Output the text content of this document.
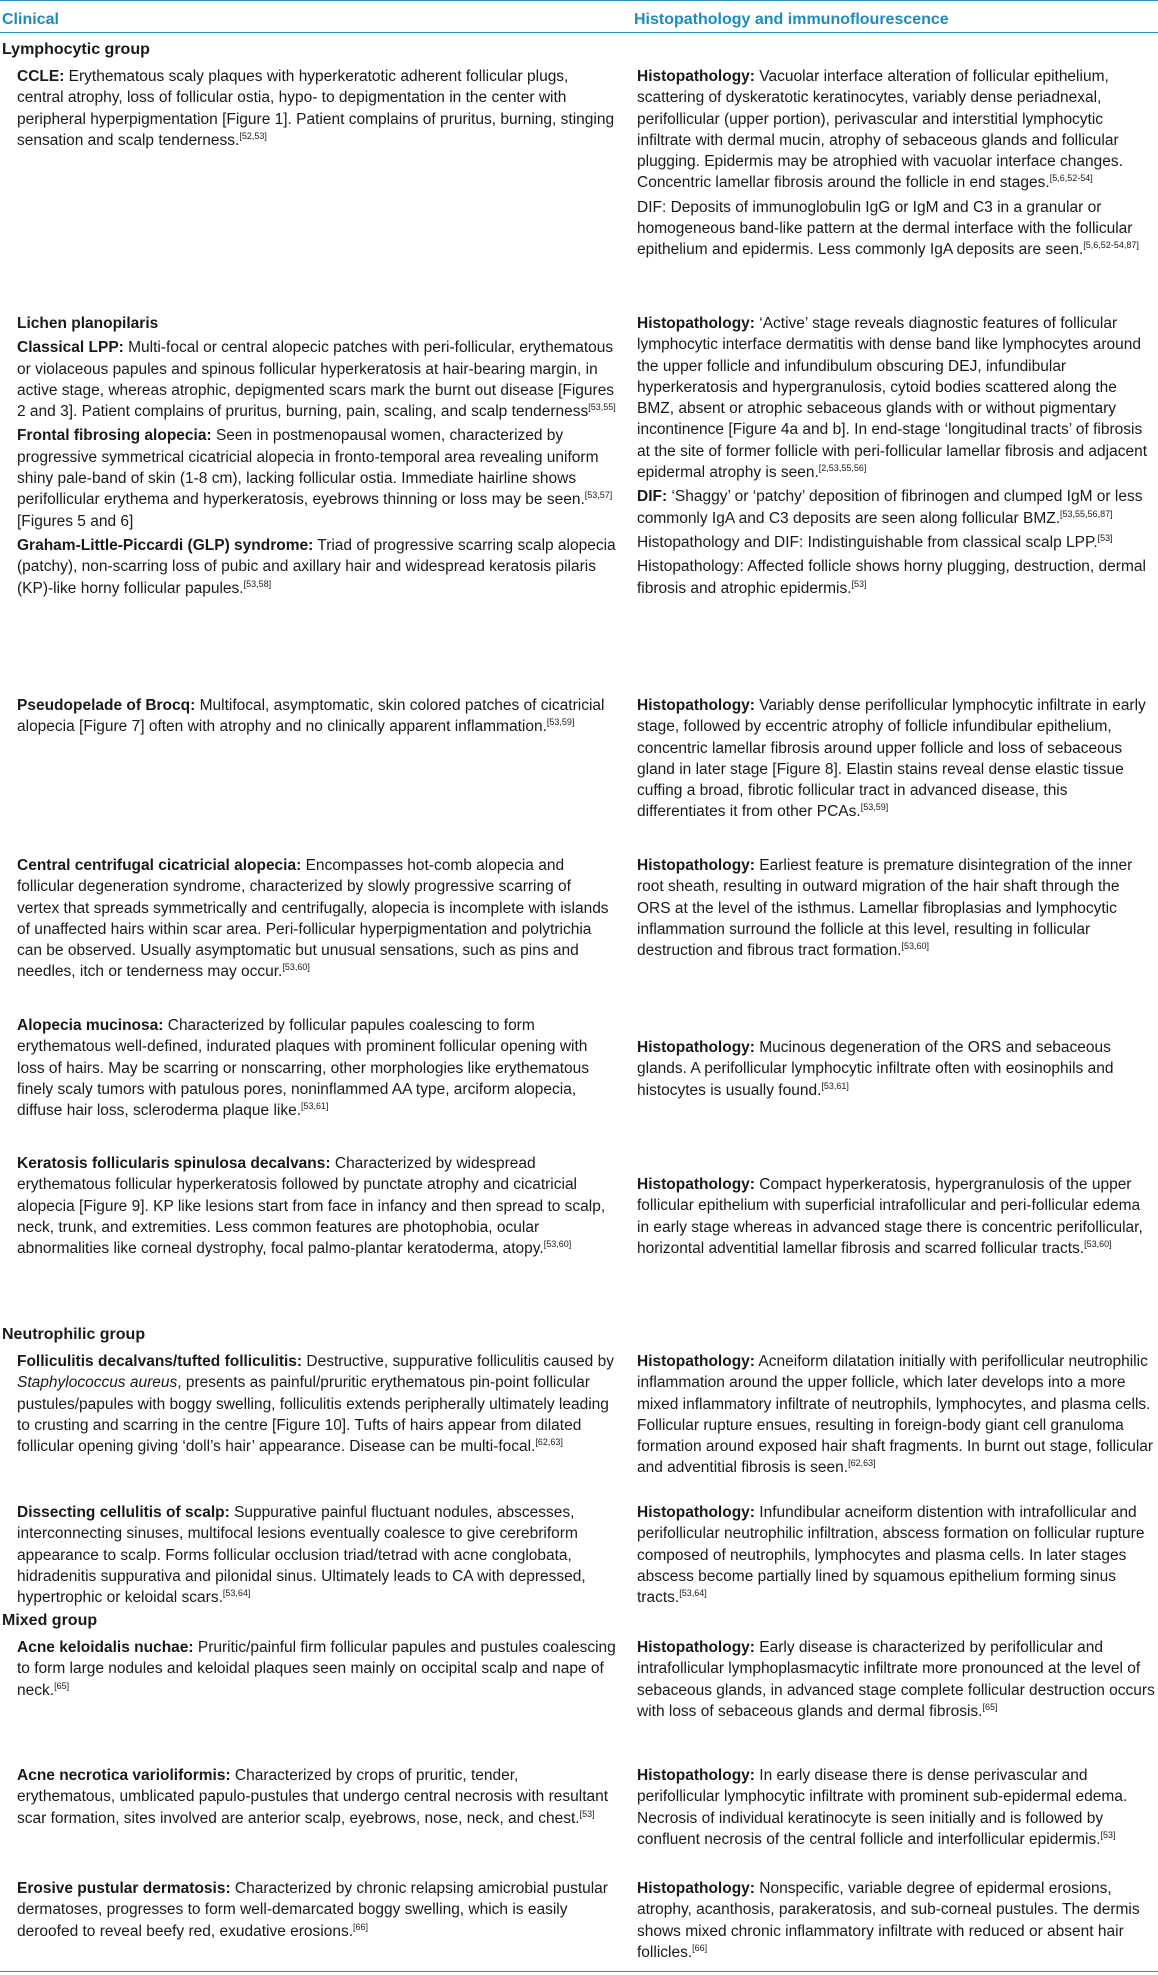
Clinical	Histopathology and immunoflourescence
Lymphocytic group
Neutrophilic group
Mixed group

CCLE: Erythematous scaly plaques with hyperkeratotic adherent follicular plugs, central atrophy, loss of follicular ostia, hypo- to depigmentation in the center with peripheral hyperpigmentation [Figure 1]. Patient complains of pruritus, burning, stinging sensation and scalp tenderness.[52,53]

Histopathology: Vacuolar interface alteration of follicular epithelium, scattering of dyskeratotic keratinocytes, variably dense periadnexal, perifollicular (upper portion), perivascular and interstitial lymphocytic infiltrate with dermal mucin, atrophy of sebaceous glands and follicular plugging. Epidermis may be atrophied with vacuolar interface changes. Concentric lamellar fibrosis around the follicle in end stages.[5,6,52-54]

DIF: Deposits of immunoglobulin IgG or IgM and C3 in a granular or homogeneous band-like pattern at the dermal interface with the follicular epithelium and epidermis. Less commonly IgA deposits are seen.[5,6,52-54,87]

Lichen planopilaris

Classical LPP: Multi-focal or central alopecic patches with peri-follicular, erythematous or violaceous papules and spinous follicular hyperkeratosis at hair-bearing margin, in active stage, whereas atrophic, depigmented scars mark the burnt out disease [Figures 2 and 3]. Patient complains of pruritus, burning, pain, scaling, and scalp tenderness[53,55]

Frontal fibrosing alopecia: Seen in postmenopausal women, characterized by progressive symmetrical cicatricial alopecia in fronto-temporal area revealing uniform shiny pale-band of skin (1-8 cm), lacking follicular ostia. Immediate hairline shows perifollicular erythema and hyperkeratosis, eyebrows thinning or loss may be seen.[53,57]
[Figures 5 and 6]

Graham-Little-Piccardi (GLP) syndrome: Triad of progressive scarring scalp alopecia (patchy), non-scarring loss of pubic and axillary hair and widespread keratosis pilaris (KP)-like horny follicular papules.[53,58]

Histopathology: ‘Active’ stage reveals diagnostic features of follicular lymphocytic interface dermatitis with dense band like lymphocytes around the upper follicle and infundibulum obscuring DEJ, infundibular hyperkeratosis and hypergranulosis, cytoid bodies scattered along the BMZ, absent or atrophic sebaceous glands with or without pigmentary incontinence [Figure 4a and b]. In end-stage ‘longitudinal tracts’ of fibrosis at the site of former follicle with peri-follicular lamellar fibrosis and adjacent epidermal atrophy is seen.[2,53,55,56]

DIF: ‘Shaggy’ or ‘patchy’ deposition of fibrinogen and clumped IgM or less commonly IgA and C3 deposits are seen along follicular BMZ.[53,55,56,87]

Histopathology and DIF: Indistinguishable from classical scalp LPP.[53]

Histopathology: Affected follicle shows horny plugging, destruction, dermal fibrosis and atrophic epidermis.[53]

Pseudopelade of Brocq: Multifocal, asymptomatic, skin colored patches of cicatricial alopecia [Figure 7] often with atrophy and no clinically apparent inflammation.[53,59]

Histopathology: Variably dense perifollicular lymphocytic infiltrate in early stage, followed by eccentric atrophy of follicle infundibular epithelium, concentric lamellar fibrosis around upper follicle and loss of sebaceous gland in later stage [Figure 8]. Elastin stains reveal dense elastic tissue cuffing a broad, fibrotic follicular tract in advanced disease, this differentiates it from other PCAs.[53,59]

Central centrifugal cicatricial alopecia: Encompasses hot-comb alopecia and follicular degeneration syndrome, characterized by slowly progressive scarring of vertex that spreads symmetrically and centrifugally, alopecia is incomplete with islands of unaffected hairs within scar area. Peri-follicular hyperpigmentation and polytrichia can be observed. Usually asymptomatic but unusual sensations, such as pins and needles, itch or tenderness may occur.[53,60]

Histopathology: Earliest feature is premature disintegration of the inner root sheath, resulting in outward migration of the hair shaft through the ORS at the level of the isthmus. Lamellar fibroplasias and lymphocytic inflammation surround the follicle at this level, resulting in follicular destruction and fibrous tract formation.[53,60]

Alopecia mucinosa: Characterized by follicular papules coalescing to form erythematous well-defined, indurated plaques with prominent follicular opening with loss of hairs. May be scarring or nonscarring, other morphologies like erythematous finely scaly tumors with patulous pores, noninflammed AA type, arciform alopecia, diffuse hair loss, scleroderma plaque like.[53,61]

Histopathology: Mucinous degeneration of the ORS and sebaceous glands. A perifollicular lymphocytic infiltrate often with eosinophils and histocytes is usually found.[53,61]

Keratosis follicularis spinulosa decalvans: Characterized by widespread erythematous follicular hyperkeratosis followed by punctate atrophy and cicatricial alopecia [Figure 9]. KP like lesions start from face in infancy and then spread to scalp, neck, trunk, and extremities. Less common features are photophobia, ocular abnormalities like corneal dystrophy, focal palmo-plantar keratoderma, atopy.[53,60]

Histopathology: Compact hyperkeratosis, hypergranulosis of the upper follicular epithelium with superficial intrafollicular and peri-follicular edema in early stage whereas in advanced stage there is concentric perifollicular, horizontal adventitial lamellar fibrosis and scarred follicular tracts.[53,60]

Folliculitis decalvans/tufted folliculitis: Destructive, suppurative folliculitis caused by Staphylococcus aureus, presents as painful/pruritic erythematous pin-point follicular pustules/papules with boggy swelling, folliculitis extends peripherally ultimately leading to crusting and scarring in the centre [Figure 10]. Tufts of hairs appear from dilated follicular opening giving ‘doll’s hair’ appearance. Disease can be multi-focal.[62,63]

Histopathology: Acneiform dilatation initially with perifollicular neutrophilic inflammation around the upper follicle, which later develops into a more mixed inflammatory infiltrate of neutrophils, lymphocytes, and plasma cells. Follicular rupture ensues, resulting in foreign-body giant cell granuloma formation around exposed hair shaft fragments. In burnt out stage, follicular and adventitial fibrosis is seen.[62,63]

Dissecting cellulitis of scalp: Suppurative painful fluctuant nodules, abscesses, interconnecting sinuses, multifocal lesions eventually coalesce to give cerebriform appearance to scalp. Forms follicular occlusion triad/tetrad with acne conglobata, hidradenitis suppurativa and pilonidal sinus. Ultimately leads to CA with depressed, hypertrophic or keloidal scars.[53,64]

Histopathology: Infundibular acneiform distention with intrafollicular and perifollicular neutrophilic infiltration, abscess formation on follicular rupture composed of neutrophils, lymphocytes and plasma cells. In later stages abscess become partially lined by squamous epithelium forming sinus tracts.[53,64]

Acne keloidalis nuchae: Pruritic/painful firm follicular papules and pustules coalescing to form large nodules and keloidal plaques seen mainly on occipital scalp and nape of neck.[65]

Histopathology: Early disease is characterized by perifollicular and intrafollicular lymphoplasmacytic infiltrate more pronounced at the level of sebaceous glands, in advanced stage complete follicular destruction occurs with loss of sebaceous glands and dermal fibrosis.[65]

Acne necrotica varioliformis: Characterized by crops of pruritic, tender, erythematous, umblicated papulo-pustules that undergo central necrosis with resultant scar formation, sites involved are anterior scalp, eyebrows, nose, neck, and chest.[53]

Histopathology: In early disease there is dense perivascular and perifollicular lymphocytic infiltrate with prominent sub-epidermal edema. Necrosis of individual keratinocyte is seen initially and is followed by confluent necrosis of the central follicle and interfollicular epidermis.[53]

Erosive pustular dermatosis: Characterized by chronic relapsing amicrobial pustular dermatoses, progresses to form well-demarcated boggy swelling, which is easily deroofed to reveal beefy red, exudative erosions.[66]

Histopathology: Nonspecific, variable degree of epidermal erosions, atrophy, acanthosis, parakeratosis, and sub-corneal pustules. The dermis shows mixed chronic inflammatory infiltrate with reduced or absent hair follicles.[66]
